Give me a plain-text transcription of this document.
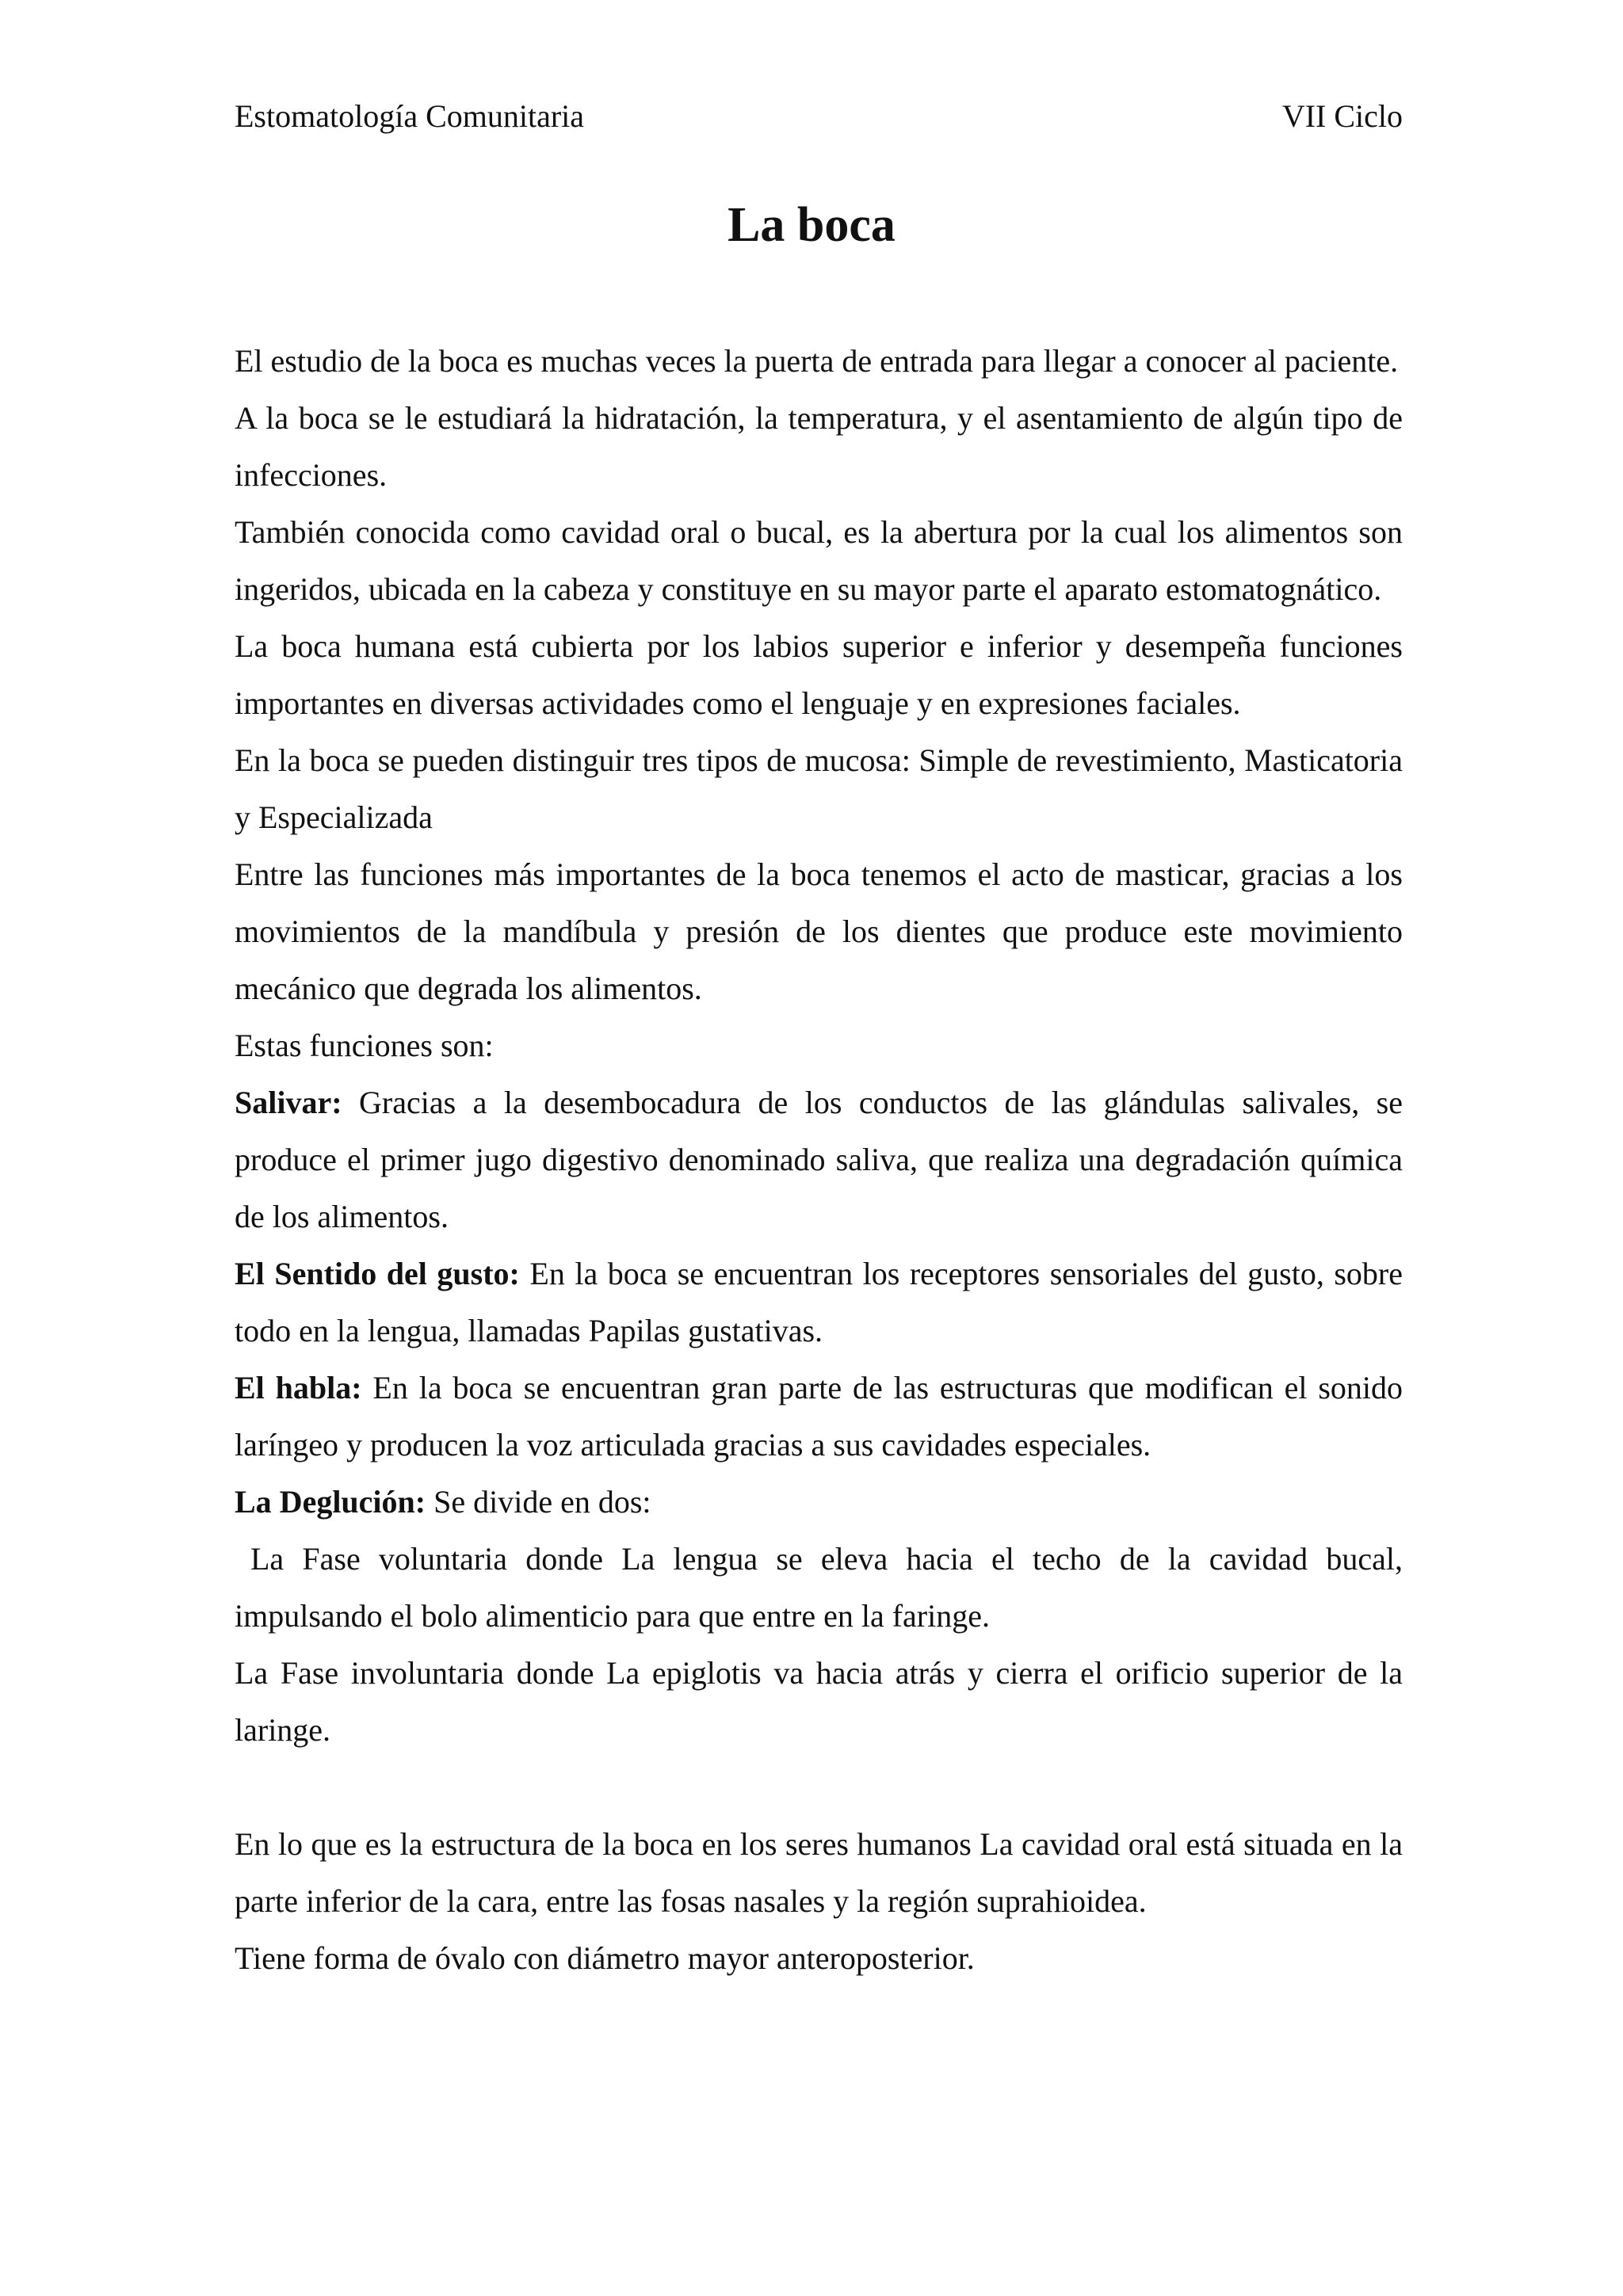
Estomatología Comunitaria	VII Ciclo
La boca

El estudio de la boca es muchas veces la puerta de entrada para llegar a conocer al paciente.

A la boca se le estudiará la hidratación, la temperatura, y el asentamiento de algún tipo de infecciones.

También conocida como cavidad oral o bucal, es la abertura por la cual los alimentos son ingeridos, ubicada en la cabeza y constituye en su mayor parte el aparato estomatognático.

La boca humana está cubierta por los labios superior e inferior y desempeña funciones importantes en diversas actividades como el lenguaje y en expresiones faciales.

En la boca se pueden distinguir tres tipos de mucosa: Simple de revestimiento, Masticatoria y Especializada

Entre las funciones más importantes de la boca tenemos el acto de masticar, gracias a los movimientos de la mandíbula y presión de los dientes que produce este movimiento mecánico que degrada los alimentos.

Estas funciones son:

Salivar: Gracias a la desembocadura de los conductos de las glándulas salivales, se produce el primer jugo digestivo denominado saliva, que realiza una degradación química de los alimentos.

El Sentido del gusto: En la boca se encuentran los receptores sensoriales del gusto, sobre todo en la lengua, llamadas Papilas gustativas.

El habla: En la boca se encuentran gran parte de las estructuras que modifican el sonido laríngeo y producen la voz articulada gracias a sus cavidades especiales.

La Deglución: Se divide en dos:

La Fase voluntaria donde La lengua se eleva hacia el techo de la cavidad bucal, impulsando el bolo alimenticio para que entre en la faringe.

La Fase involuntaria donde La epiglotis va hacia atrás y cierra el orificio superior de la laringe.

En lo que es la estructura de la boca en los seres humanos La cavidad oral está situada en la parte inferior de la cara, entre las fosas nasales y la región suprahioidea.

Tiene forma de óvalo con diámetro mayor anteroposterior.
